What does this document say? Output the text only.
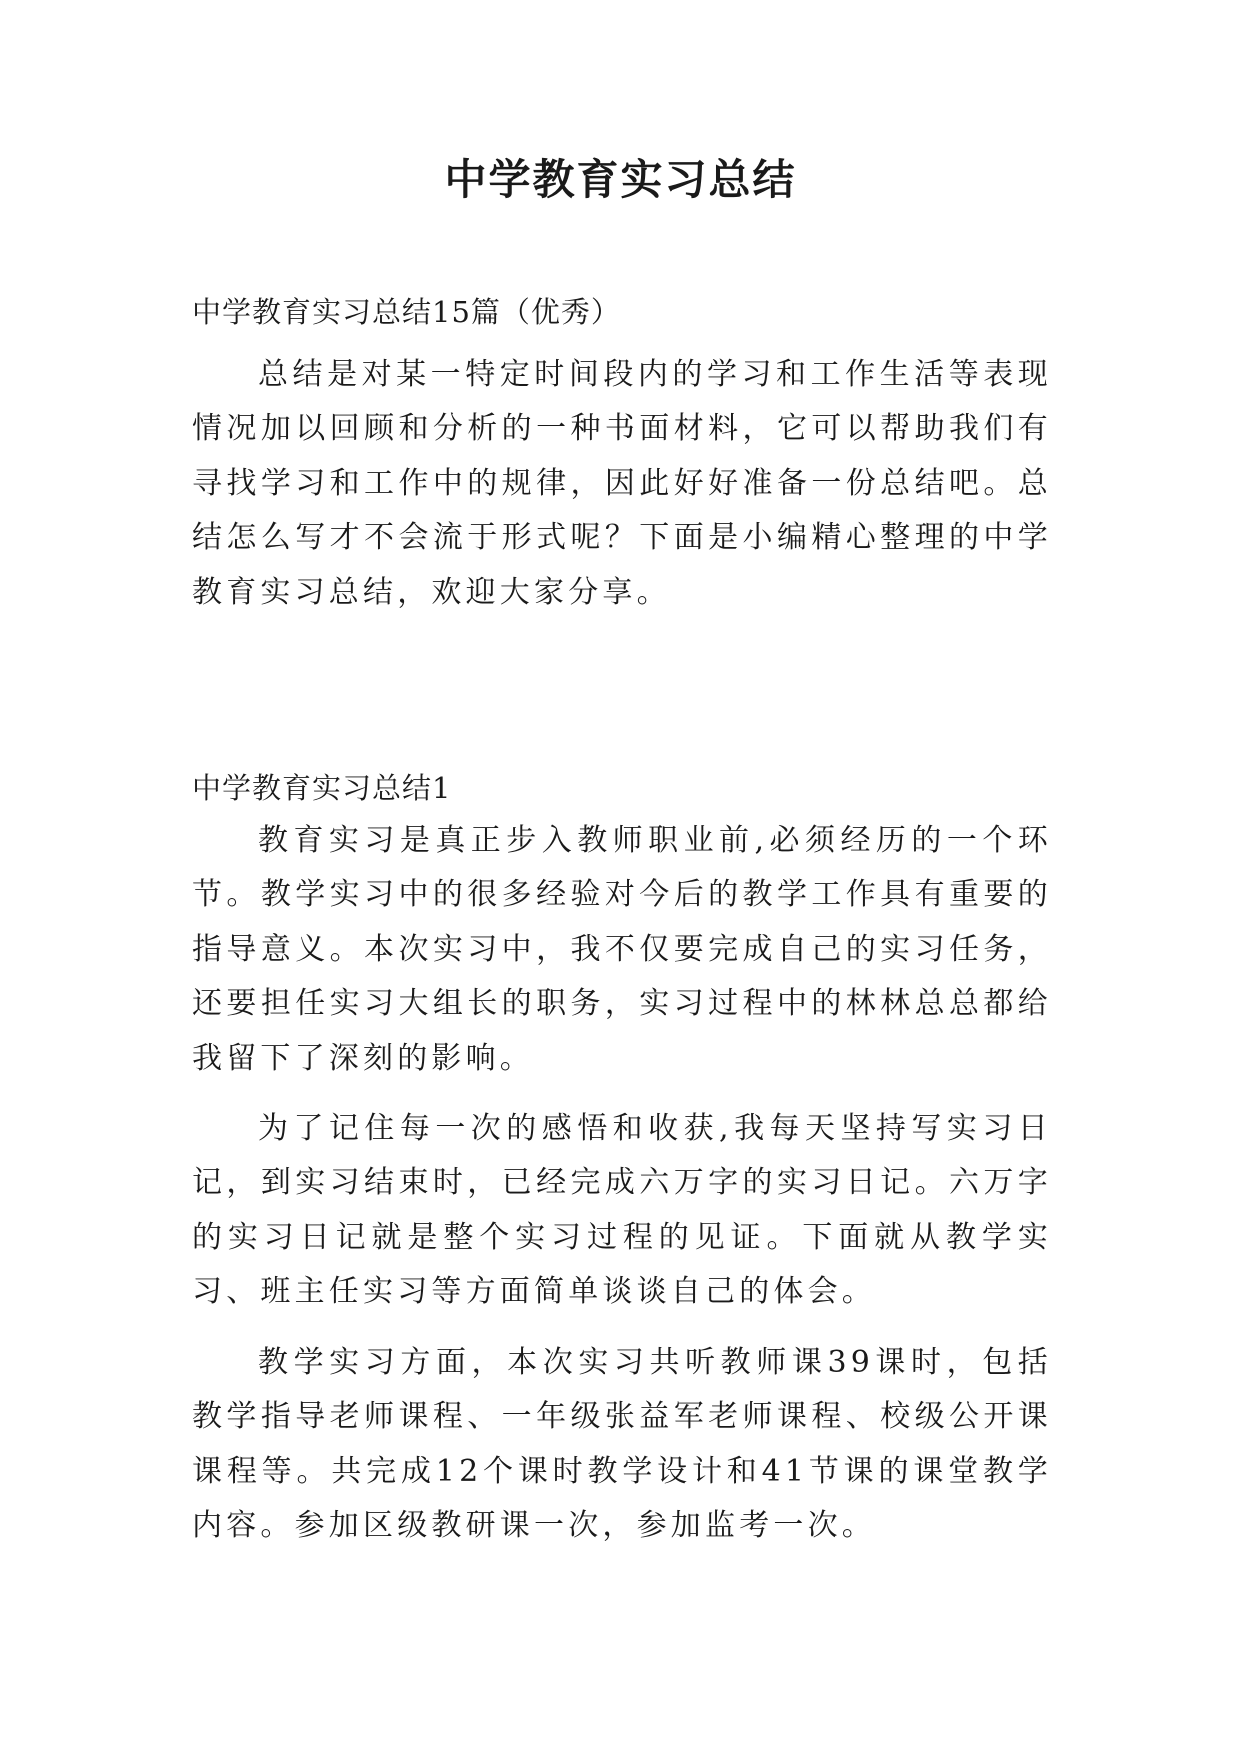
中学教育实习总结

中学教育实习总结15篇（优秀）

总结是对某一特定时间段内的学习和工作生活等表现情况加以回顾和分析的一种书面材料，它可以帮助我们有寻找学习和工作中的规律，因此好好准备一份总结吧。总结怎么写才不会流于形式呢？下面是小编精心整理的中学教育实习总结，欢迎大家分享。

中学教育实习总结1

教育实习是真正步入教师职业前,必须经历的一个环节。教学实习中的很多经验对今后的教学工作具有重要的指导意义。本次实习中，我不仅要完成自己的实习任务，还要担任实习大组长的职务，实习过程中的林林总总都给我留下了深刻的影响。

为了记住每一次的感悟和收获,我每天坚持写实习日记，到实习结束时，已经完成六万字的实习日记。六万字的实习日记就是整个实习过程的见证。下面就从教学实习、班主任实习等方面简单谈谈自己的体会。

教学实习方面，本次实习共听教师课39课时，包括教学指导老师课程、一年级张益军老师课程、校级公开课课程等。共完成12个课时教学设计和41节课的课堂教学内容。参加区级教研课一次，参加监考一次。
